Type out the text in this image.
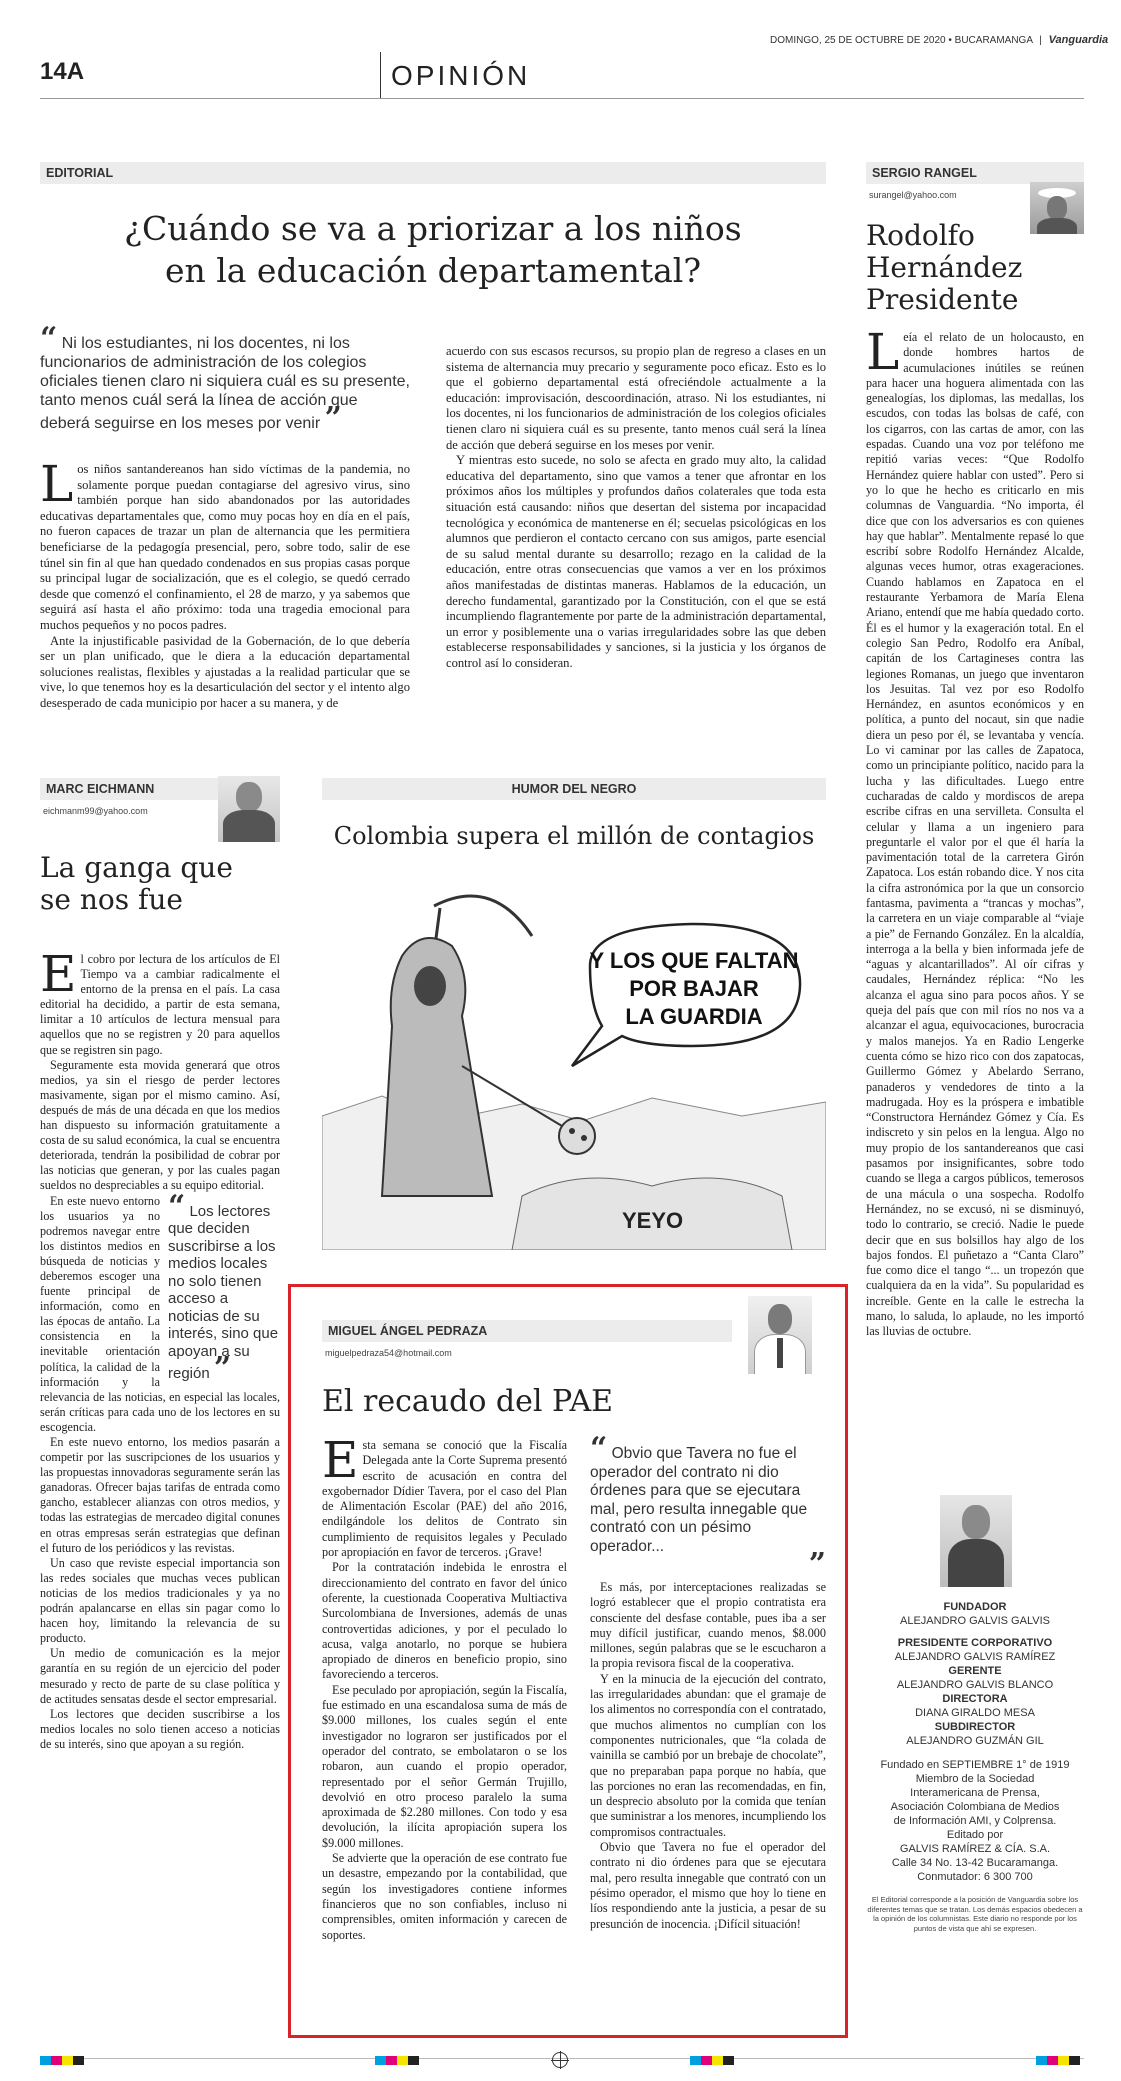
14A	OPINIÓN
DOMINGO, 25 DE OCTUBRE DE 2020 • BUCARAMANGA | Vanguardia
EDITORIAL
¿Cuándo se va a priorizar a los niños
en la educación departamental?
“ Ni los estudiantes, ni los docentes, ni los funcionarios de administración de los colegios oficiales tienen claro ni siquiera cuál es su presente, tanto menos cuál será la línea de acción que deberá seguirse en los meses por venir ”

Los niños santandereanos han sido víctimas de la pandemia, no solamente porque puedan contagiarse del agresivo virus, sino también porque han sido abandonados por las autoridades educativas departamentales que, como muy pocas hoy en día en el país, no fueron capaces de trazar un plan de alternancia que les permitiera beneficiarse de la pedagogía presencial, pero, sobre todo, salir de ese túnel sin fin al que han quedado condenados en sus propias casas porque su principal lugar de socialización, que es el colegio, se quedó cerrado desde que comenzó el confinamiento, el 28 de marzo, y ya sabemos que seguirá así hasta el año próximo: toda una tragedia emocional para muchos pequeños y no pocos padres.

Ante la injustificable pasividad de la Gobernación, de lo que debería ser un plan unificado, que le diera a la educación departamental soluciones realistas, flexibles y ajustadas a la realidad particular que se vive, lo que tenemos hoy es la desarticulación del sector y el intento algo desesperado de cada municipio por hacer a su manera, y de

acuerdo con sus escasos recursos, su propio plan de regreso a clases en un sistema de alternancia muy precario y seguramente poco eficaz. Esto es lo que el gobierno departamental está ofreciéndole actualmente a la educación: improvisación, descoordinación, atraso. Ni los estudiantes, ni los docentes, ni los funcionarios de administración de los colegios oficiales tienen claro ni siquiera cuál es su presente, tanto menos cuál será la línea de acción que deberá seguirse en los meses por venir.

Y mientras esto sucede, no solo se afecta en grado muy alto, la calidad educativa del departamento, sino que vamos a tener que afrontar en los próximos años los múltiples y profundos daños colaterales que toda esta situación está causando: niños que desertan del sistema por incapacidad tecnológica y económica de mantenerse en él; secuelas psicológicas en los alumnos que perdieron el contacto cercano con sus amigos, parte esencial de su salud mental durante su desarrollo; rezago en la calidad de la educación, entre otras consecuencias que vamos a ver en los próximos años manifestadas de distintas maneras. Hablamos de la educación, un derecho fundamental, garantizado por la Constitución, con el que se está incumpliendo flagrantemente por parte de la administración departamental, un error y posiblemente una o varias irregularidades sobre las que deben establecerse responsabilidades y sanciones, si la justicia y los órganos de control así lo consideran.

SERGIO RANGEL
surangel@yahoo.com
Rodolfo
Hernández
Presidente

Leía el relato de un holocausto, en donde hombres hartos de acumulaciones inútiles se reúnen para hacer una hoguera alimentada con las genealogías, los diplomas, las medallas, los escudos, con todas las bolsas de café, con los cigarros, con las cartas de amor, con las espadas. Cuando una voz por teléfono me repitió varias veces: “Que Rodolfo Hernández quiere hablar con usted”. Pero si yo lo que he hecho es criticarlo en mis columnas de Vanguardia. “No importa, él dice que con los adversarios es con quienes hay que hablar”. Mentalmente repasé lo que escribí sobre Rodolfo Hernández Alcalde, algunas veces humor, otras exageraciones. Cuando hablamos en Zapatoca en el restaurante Yerbamora de María Elena Ariano, entendí que me había quedado corto. Él es el humor y la exageración total. En el colegio San Pedro, Rodolfo era Aníbal, capitán de los Cartagineses contra las legiones Romanas, un juego que inventaron los Jesuitas. Tal vez por eso Rodolfo Hernández, en asuntos económicos y en política, a punto del nocaut, sin que nadie diera un peso por él, se levantaba y vencía. Lo vi caminar por las calles de Zapatoca, como un principiante político, nacido para la lucha y las dificultades. Luego entre cucharadas de caldo y mordiscos de arepa escribe cifras en una servilleta. Consulta el celular y llama a un ingeniero para preguntarle el valor por el que él haría la pavimentación total de la carretera Girón Zapatoca. Los están robando dice. Y nos cita la cifra astronómica por la que un consorcio fantasma, pavimenta a “trancas y mochas”, la carretera en un viaje comparable al “viaje a pie” de Fernando González. En la alcaldía, interroga a la bella y bien informada jefe de “aguas y alcantarillados”. Al oír cifras y caudales, Hernández réplica: “No les alcanza el agua sino para pocos años. Y se queja del país que con mil ríos no nos va a alcanzar el agua, equivocaciones, burocracia y malos manejos. Ya en Radio Lengerke cuenta cómo se hizo rico con dos zapatocas, Guillermo Gómez y Abelardo Serrano, panaderos y vendedores de tinto a la madrugada. Hoy es la próspera e imbatible “Constructora Hernández Gómez y Cía. Es indiscreto y sin pelos en la lengua. Algo no muy propio de los santandereanos que casi pasamos por insignificantes, sobre todo cuando se llega a cargos públicos, temerosos de una mácula o una sospecha. Rodolfo Hernández, no se excusó, ni se disminuyó, todo lo contrario, se creció. Nadie le puede decir que en sus bolsillos hay algo de los bajos fondos. El puñetazo a “Canta Claro” fue como dice el tango “... un tropezón que cualquiera da en la vida”. Su popularidad es increíble. Gente en la calle le estrecha la mano, lo saluda, lo aplaude, no les importó las lluvias de octubre.

FUNDADOR
ALEJANDRO GALVIS GALVIS
PRESIDENTE CORPORATIVO
ALEJANDRO GALVIS RAMÍREZ
GERENTE
ALEJANDRO GALVIS BLANCO
DIRECTORA
DIANA GIRALDO MESA
SUBDIRECTOR
ALEJANDRO GUZMÁN GIL
Fundado en SEPTIEMBRE 1° de 1919
Miembro de la Sociedad
Interamericana de Prensa,
Asociación Colombiana de Medios
de Información AMI, y Colprensa.
Editado por
GALVIS RAMÍREZ & CÍA. S.A.
Calle 34 No. 13-42 Bucaramanga.
Conmutador: 6 300 700
El Editorial corresponde a la posición de Vanguardia sobre los diferentes temas que se tratan. Los demás espacios obedecen a la opinión de los columnistas. Este diario no responde por los puntos de vista que ahí se expresen.
MARC EICHMANN
eichmanm99@yahoo.com
La ganga que
se nos fue

El cobro por lectura de los artículos de El Tiempo va a cambiar radicalmente el entorno de la prensa en el país. La casa editorial ha decidido, a partir de esta semana, limitar a 10 artículos de lectura mensual para aquellos que no se registren y 20 para aquellos que se registren sin pago.

Seguramente esta movida generará que otros medios, ya sin el riesgo de perder lectores masivamente, sigan por el mismo camino. Así, después de más de una década en que los medios han dispuesto su información gratuitamente a costa de su salud económica, la cual se encuentra deteriorada, tendrán la posibilidad de cobrar por las noticias que generan, y por las cuales pagan sueldos no despreciables a su equipo editorial.

“ Los lectores que deciden suscribirse a los medios locales no solo tienen acceso a noticias de su interés, sino que apoyan a su región ”

En este nuevo entorno los usuarios ya no podremos navegar entre los distintos medios en búsqueda de noticias y deberemos escoger una fuente principal de información, como en las épocas de antaño. La consistencia en la inevitable orientación política, la calidad de la información y la relevancia de las noticias, en especial las locales, serán críticas para cada uno de los lectores en su escogencia.

En este nuevo entorno, los medios pasarán a competir por las suscripciones de los usuarios y las propuestas innovadoras seguramente serán las ganadoras. Ofrecer bajas tarifas de entrada como gancho, establecer alianzas con otros medios, y todas las estrategias de mercadeo digital conunes en otras empresas serán estrategias que definan el futuro de los periódicos y las revistas.

Un caso que reviste especial importancia son las redes sociales que muchas veces publican noticias de los medios tradicionales y ya no podrán apalancarse en ellas sin pagar como lo hacen hoy, limitando la relevancia de su producto.

Un medio de comunicación es la mejor garantía en su región de un ejercicio del poder mesurado y recto de parte de su clase política y de actitudes sensatas desde el sector empresarial.

Los lectores que deciden suscribirse a los medios locales no solo tienen acceso a noticias de su interés, sino que apoyan a su región.

HUMOR DEL NEGRO
Colombia supera el millón de contagios
Y LOS QUE FALTAN
POR BAJAR
LA GUARDIA
YEYO
MIGUEL ÁNGEL PEDRAZA
miguelpedraza54@hotmail.com
El recaudo del PAE

Esta semana se conoció que la Fiscalía Delegada ante la Corte Suprema presentó escrito de acusación en contra del exgobernador Dídier Tavera, por el caso del Plan de Alimentación Escolar (PAE) del año 2016, endilgándole los delitos de Contrato sin cumplimiento de requisitos legales y Peculado por apropiación en favor de terceros. ¡Grave!

Por la contratación indebida le enrostra el direccionamiento del contrato en favor del único oferente, la cuestionada Cooperativa Multiactiva Surcolombiana de Inversiones, además de unas controvertidas adiciones, y por el peculado lo acusa, valga anotarlo, no porque se hubiera apropiado de dineros en beneficio propio, sino favoreciendo a terceros.

Ese peculado por apropiación, según la Fiscalía, fue estimado en una escandalosa suma de más de $9.000 millones, los cuales según el ente investigador no lograron ser justificados por el operador del contrato, se embolataron o se los robaron, aun cuando el propio operador, representado por el señor Germán Trujillo, devolvió en otro proceso paralelo la suma aproximada de $2.280 millones. Con todo y esa devolución, la ilícita apropiación supera los $9.000 millones.

Se advierte que la operación de ese contrato fue un desastre, empezando por la contabilidad, que según los investigadores contiene informes financieros que no son confiables, incluso ni comprensibles, omiten información y carecen de soportes.

“ Obvio que Tavera no fue el operador del contrato ni dio órdenes para que se ejecutara mal, pero resulta innegable que contrató con un pésimo operador...
”

Es más, por interceptaciones realizadas se logró establecer que el propio contratista era consciente del desfase contable, pues iba a ser muy difícil justificar, cuando menos, $8.000 millones, según palabras que se le escucharon a la propia revisora fiscal de la cooperativa.

Y en la minucia de la ejecución del contrato, las irregularidades abundan: que el gramaje de los alimentos no correspondía con el contratado, que muchos alimentos no cumplían con los componentes nutricionales, que “la colada de vainilla se cambió por un brebaje de chocolate”, que no preparaban papa porque no había, que las porciones no eran las recomendadas, en fin, un desprecio absoluto por la comida que tenían que suministrar a los menores, incumpliendo los compromisos contractuales.

Obvio que Tavera no fue el operador del contrato ni dio órdenes para que se ejecutara mal, pero resulta innegable que contrató con un pésimo operador, el mismo que hoy lo tiene en líos respondiendo ante la justicia, a pesar de su presunción de inocencia. ¡Difícil situación!
